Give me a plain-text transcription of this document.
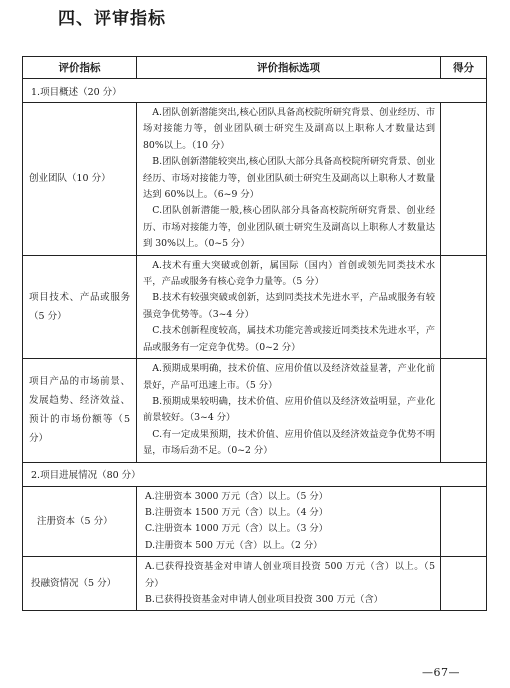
四、评审指标
评价指标	评价指标选项	得分
1.项目概述（20 分）		
创业团队（10 分）	A.团队创新潜能突出,核心团队具备高校院所研究背景、创业经历、市场对接能力等，创业团队硕士研究生及副高以上职称人才数量达到 80%以上。（10 分）

B.团队创新潜能较突出,核心团队大部分具备高校院所研究背景、创业经历、市场对接能力等，创业团队硕士研究生及副高以上职称人才数量达到 60%以上。（6~9 分）

C.团队创新潜能一般,核心团队部分具备高校院所研究背景、创业经历、市场对接能力等，创业团队硕士研究生及副高以上职称人才数量达到 30%以上。（0~5 分）	

项目技术、产品或服务（5 分）	A.技术有重大突破或创新，属国际（国内）首创或领先同类技术水平，产品或服务有核心竞争力量等。（5 分）

B.技术有较强突破或创新，达到同类技术先进水平，产品或服务有较强竞争优势等。（3~4 分）

C.技术创新程度较高，属技术功能完善或接近同类技术先进水平，产品或服务有一定竞争优势。（0~2 分）	

项目产品的市场前景、发展趋势、经济效益、预计的市场份额等（5 分）	A.预期成果明确，技术价值、应用价值以及经济效益显著，产业化前景好，产品可迅速上市。（5 分）

B.预期成果较明确，技术价值、应用价值以及经济效益明显，产业化前景较好。（3~4 分）

C.有一定成果预期，技术价值、应用价值以及经济效益竞争优势不明显，市场后劲不足。（0~2 分）	

2.项目进展情况（80 分）		
注册资本（5 分）	A.注册资本 3000 万元（含）以上。（5 分）

B.注册资本 1500 万元（含）以上。（4 分）

C.注册资本 1000 万元（含）以上。（3 分）

D.注册资本 500 万元（含）以上。（2 分）	

投融资情况（5 分）	A.已获得投资基金对申请人创业项目投资 500 万元（含）以上。（5 分）

B.已获得投资基金对申请人创业项目投资 300 万元（含）	

—67—
